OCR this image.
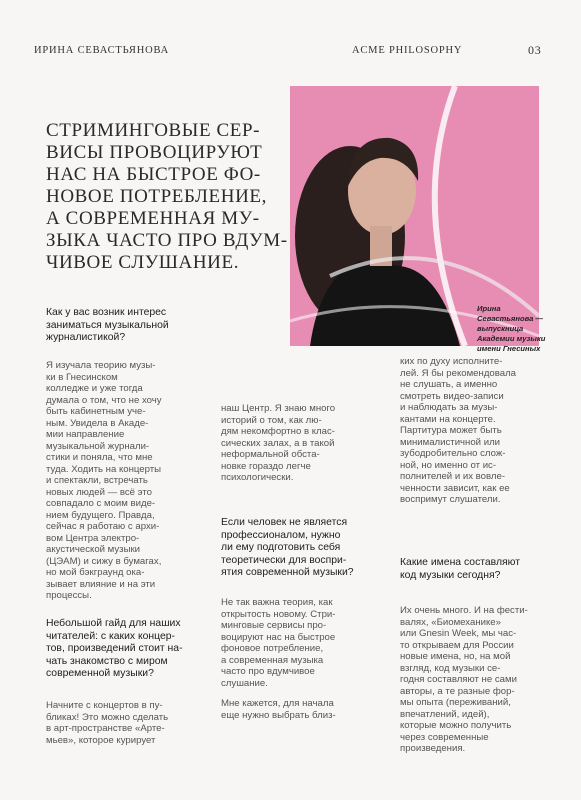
ИРИНА СЕВАСТЬЯНОВА	ACME PHILOSOPHY	03
СТРИМИНГОВЫЕ СЕР-
ВИСЫ ПРОВОЦИРУЮТ
НАС НА БЫСТРОЕ ФО-
НОВОЕ ПОТРЕБЛЕНИЕ,
А СОВРЕМЕННАЯ МУ-
ЗЫКА ЧАСТО ПРО ВДУМ-
ЧИВОЕ СЛУШАНИЕ.
Ирина
Севастьянова —
выпускница
Академии музыки
имени Гнесиных
Как у вас возник интерес
заниматься музыкальной
журналистикой?
Я изучала теорию музы-
ки в Гнесинском
колледже и уже тогда
думала о том, что не хочу
быть кабинетным уче-
ным. Увидела в Акаде-
мии направление
музыкальной журнали-
стики и поняла, что мне
туда. Ходить на концерты
и спектакли, встречать
новых людей — всё это
совпадало с моим виде-
нием будущего. Правда,
сейчас я работаю с архи-
вом Центра электро-
акустической музыки
(ЦЭАМ) и сижу в бумагах,
но мой бэкграунд ока-
зывает влияние и на эти
процессы.
Небольшой гайд для наших
читателей: с каких концер-
тов, произведений стоит на-
чать знакомство с миром
современной музыки?
Начните с концертов в пу-
бликах! Это можно сделать
в арт-пространстве «Арте-
мьев», которое курирует
наш Центр. Я знаю много
историй о том, как лю-
дям некомфортно в клас-
сических залах, а в такой
неформальной обста-
новке гораздо легче
психологически.
Если человек не является
профессионалом, нужно
ли ему подготовить себя
теоретически для воспри-
ятия современной музыки?
Не так важна теория, как
открытость новому. Стри-
минговые сервисы про-
воцируют нас на быстрое
фоновое потребление,
а современная музыка
часто про вдумчивое
слушание.
Мне кажется, для начала
еще нужно выбрать близ-
ких по духу исполните-
лей. Я бы рекомендовала
не слушать, а именно
смотреть видео-записи
и наблюдать за музы-
кантами на концерте.
Партитура может быть
минималистичной или
зубодробительно слож-
ной, но именно от ис-
полнителей и их вовле-
ченности зависит, как ее
воспримут слушатели.
Какие имена составляют
код музыки сегодня?
Их очень много. И на фести-
валях, «Биомеханике»
или Gnesin Week, мы час-
то открываем для России
новые имена, но, на мой
взгляд, код музыки се-
годня составляют не сами
авторы, а те разные фор-
мы опыта (переживаний,
впечатлений, идей),
которые можно получить
через современные
произведения.
